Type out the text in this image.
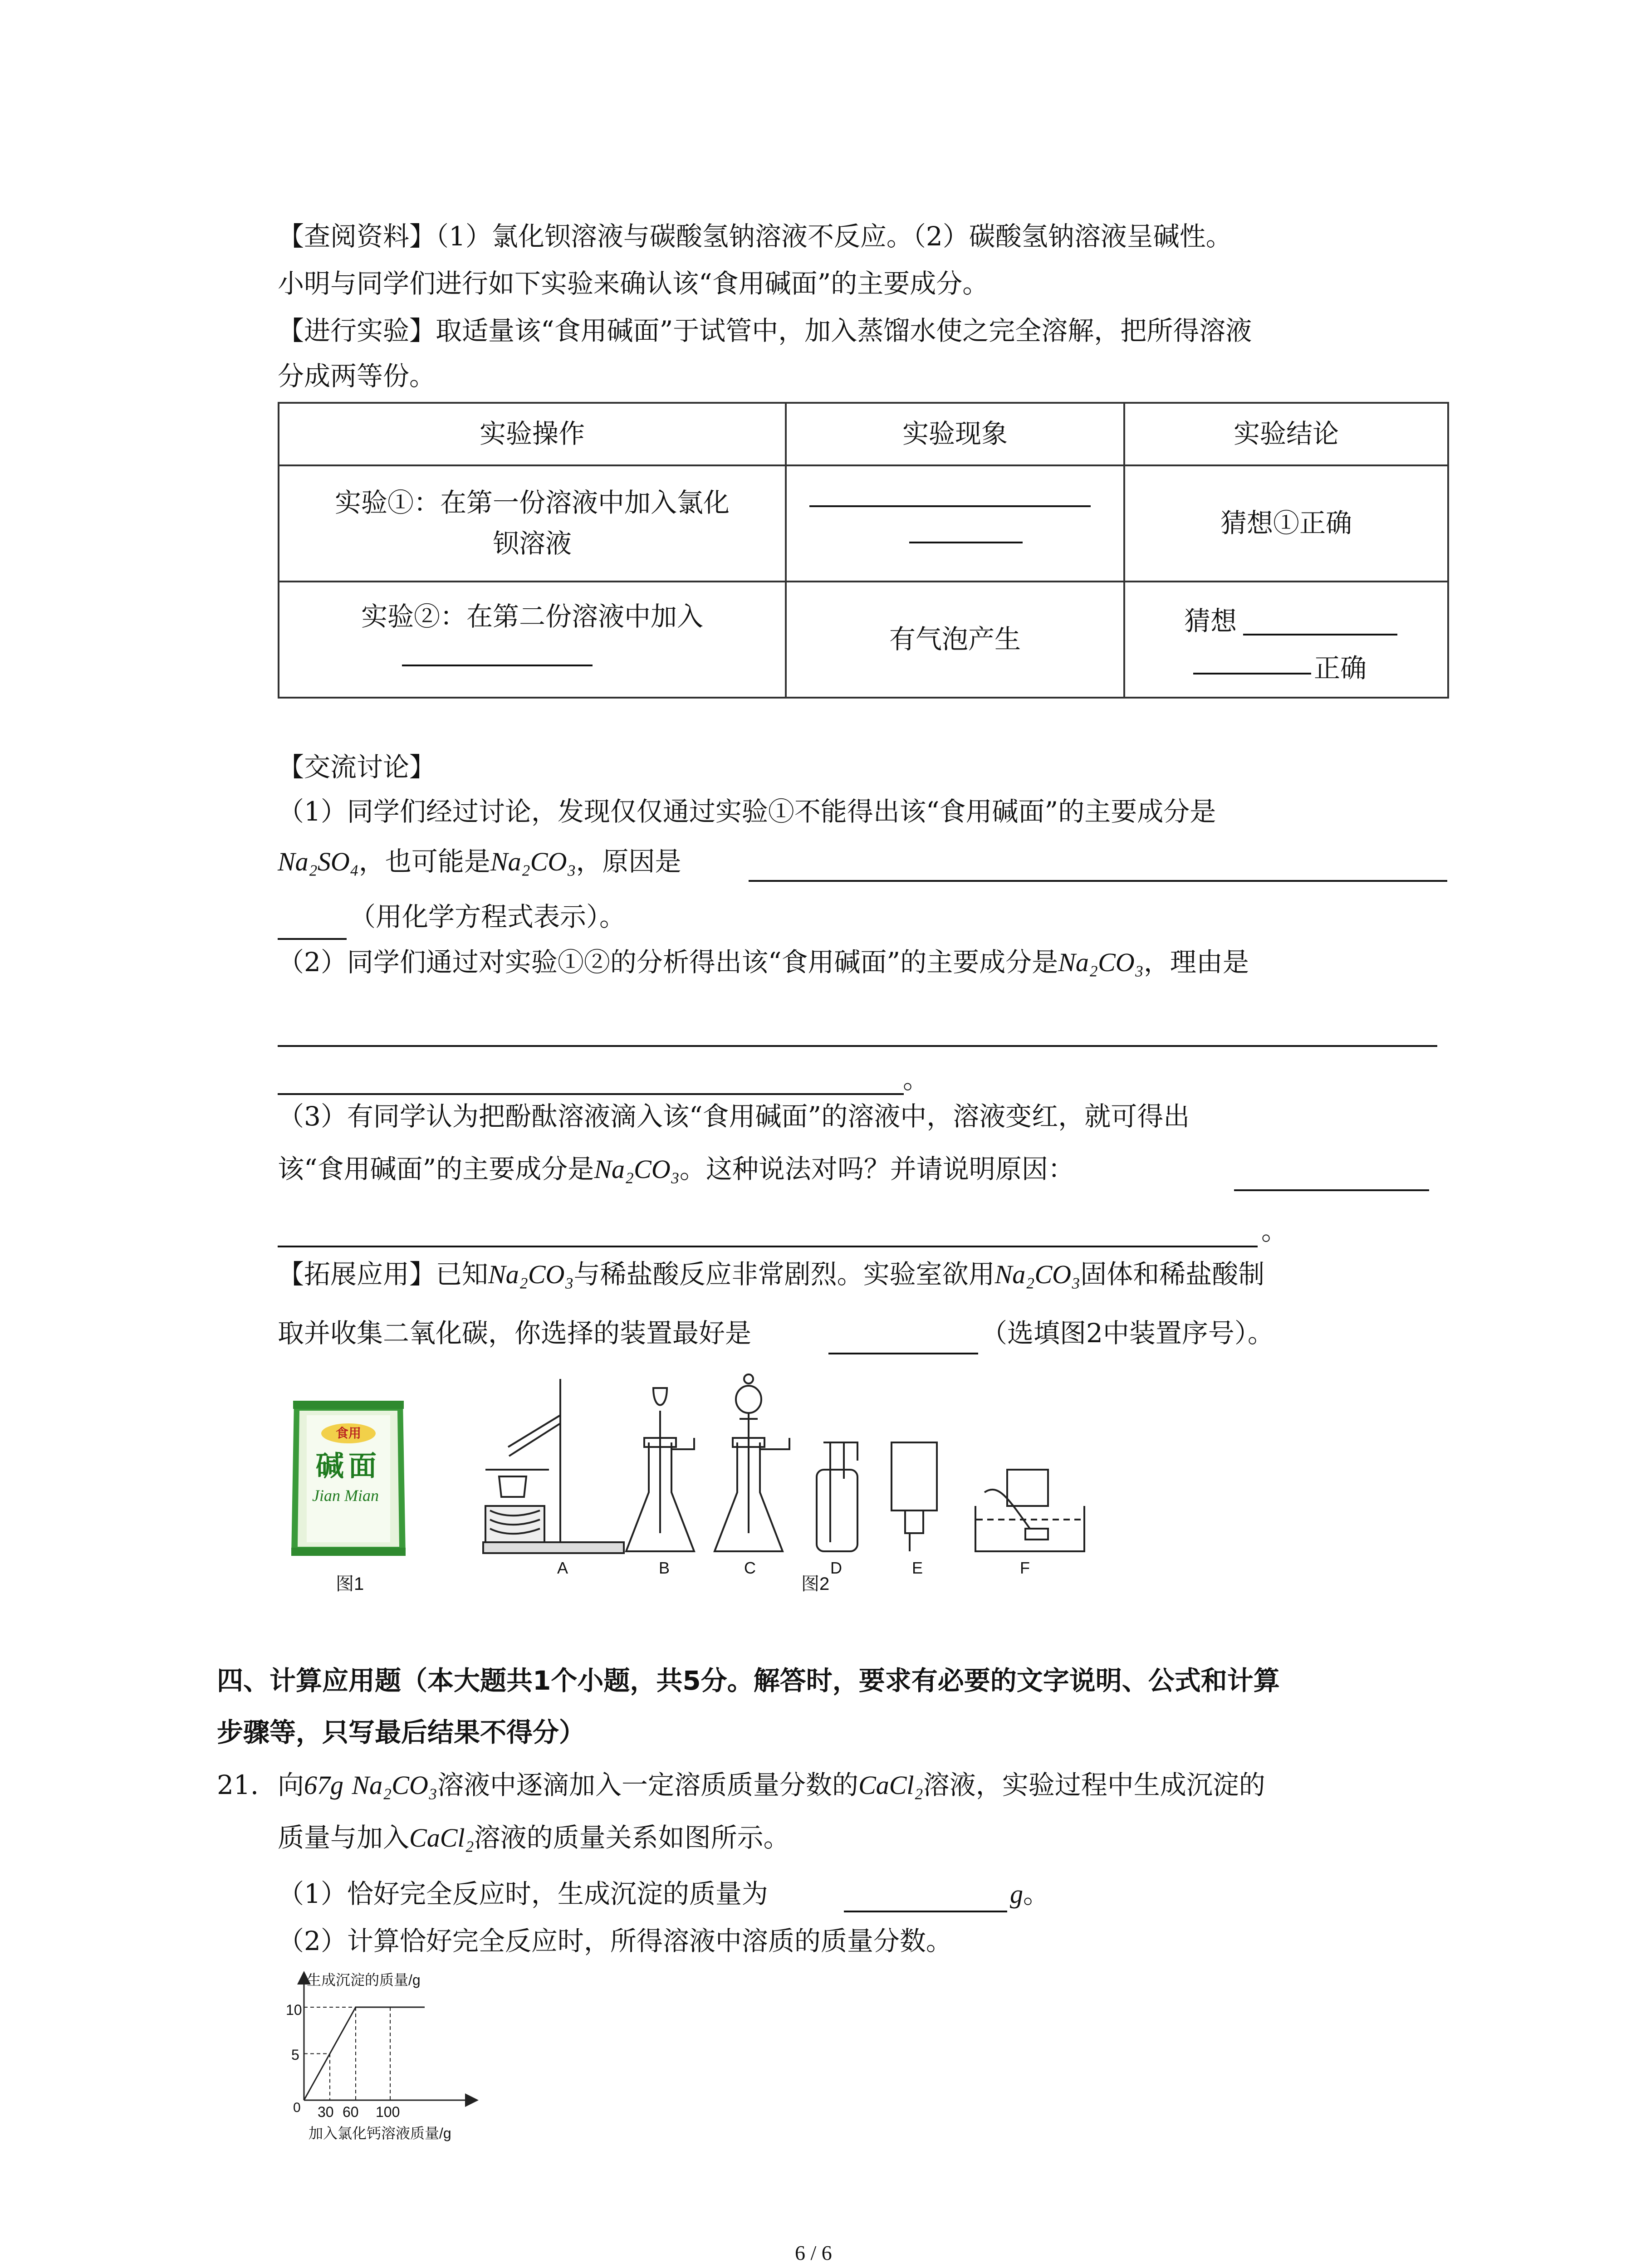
【查阅资料】（1）氯化钡溶液与碳酸氢钠溶液不反应。（2）碳酸氢钠溶液呈碱性。
小明与同学们进行如下实验来确认该“食用碱面”的主要成分。
【进行实验】取适量该“食用碱面”于试管中，加入蒸馏水使之完全溶解，把所得溶液
分成两等份。
实验操作	实验现象	实验结论

实验①：在第一份溶液中加入氯化
钡溶液		猜想①正确

实验②：在第二份溶液中加入	有气泡产生	猜想
正确
【交流讨论】
（1）同学们经过讨论，发现仅仅通过实验①不能得出该“食用碱面”的主要成分是
Na₂SO₄，也可能是Na₂CO₃，原因是
（用化学方程式表示）。
（2）同学们通过对实验①②的分析得出该“食用碱面”的主要成分是Na₂CO₃，理由是
。
（3）有同学认为把酚酞溶液滴入该“食用碱面”的溶液中，溶液变红，就可得出
该“食用碱面”的主要成分是Na₂CO₃。这种说法对吗？并请说明原因：
。
【拓展应用】已知Na₂CO₃与稀盐酸反应非常剧烈。实验室欲用Na₂CO₃固体和稀盐酸制
取并收集二氧化碳，你选择的装置最好是	（选填图2中装置序号）。
食用
碱面
Jian Mian
图1
A	B	C	D	E	F
图2
四、计算应用题（本大题共1个小题，共5分。解答时，要求有必要的文字说明、公式和计算
步骤等，只写最后结果不得分）
21. 向67g Na₂CO₃溶液中逐滴加入一定溶质质量分数的CaCl₂溶液，实验过程中生成沉淀的
质量与加入CaCl₂溶液的质量关系如图所示。
（1）恰好完全反应时，生成沉淀的质量为	g。
（2）计算恰好完全反应时，所得溶液中溶质的质量分数。
生成沉淀的质量/g
10
5
0 30 60 100
加入氯化钙溶液质量/g
6 / 6
